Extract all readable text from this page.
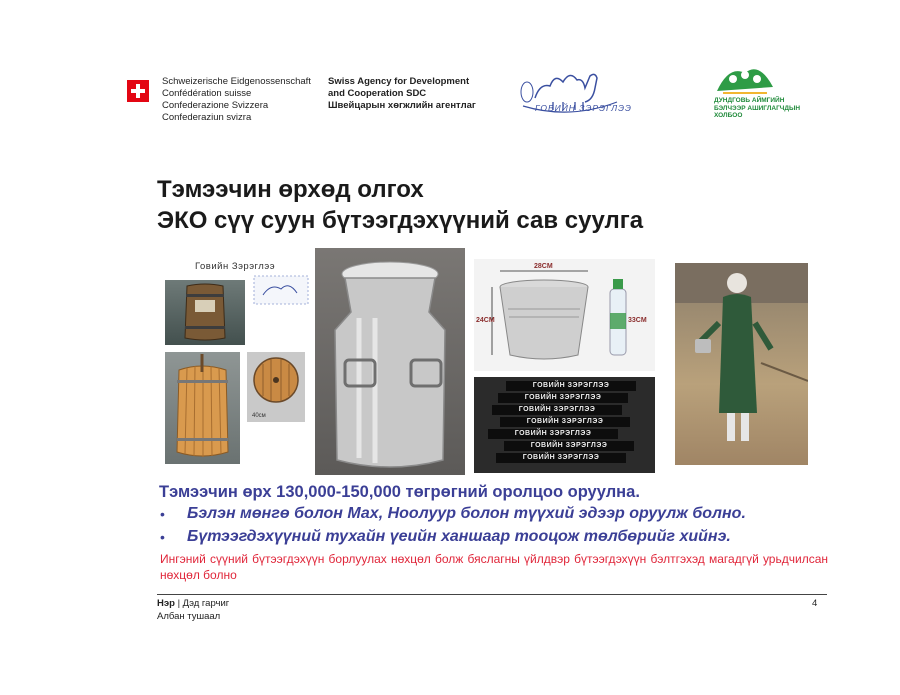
Schweizerische Eidgenossenschaft
Confédération suisse
Confederazione Svizzera
Confederaziun svizra
Swiss Agency for Development
and Cooperation SDC
Швейцарын хөгжлийн агентлаг	ГОВИЙН ЗЭРЭГЛЭЭ
ДУНДГОВЬ АЙМГИЙН
БЭЛЧЭЭР АШИГЛАГЧДЫН
ХОЛБОО
Тэмээчин өрхөд олгох
ЭКО сүү суун бүтээгдэхүүний сав суулга
Говийн Зэрэглээ
40см
28CM
24CM	33CM
ГОВИЙН ЗЭРЭГЛЭЭ
ГОВИЙН ЗЭРЭГЛЭЭ
ГОВИЙН ЗЭРЭГЛЭЭ
ГОВИЙН ЗЭРЭГЛЭЭ
ГОВИЙН ЗЭРЭГЛЭЭ
ГОВИЙН ЗЭРЭГЛЭЭ
ГОВИЙН ЗЭРЭГЛЭЭ
Тэмээчин өрх 130,000-150,000 төгрөгний оролцоо оруулна.
• Бэлэн мөнгө болон Мах, Ноолуур болон түүхий эдээр оруулж болно.
• Бүтээгдэхүүний тухайн үеийн ханшаар тооцож төлбөрийг хийнэ.
Ингэний сүүний бүтээгдэхүүн борлуулах нөхцөл болж бяслагны үйлдвэр бүтээгдэхүүн бэлтгэхэд магадгүй урьдчилсан нөхцөл болно
Нэр | Дэд гарчиг
Албан тушаал
4
